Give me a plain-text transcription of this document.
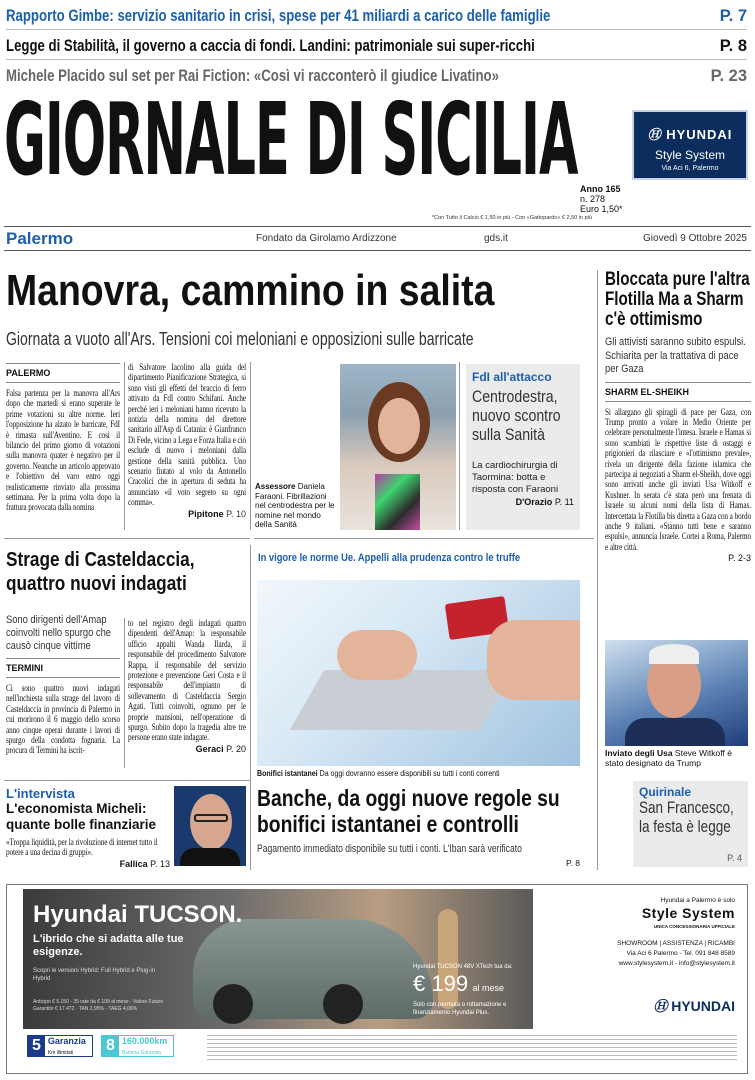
Rapporto Gimbe: servizio sanitario in crisi, spese per 41 miliardi a carico delle famiglie	P. 7
Legge di Stabilità, il governo a caccia di fondi. Landini: patrimoniale sui super-ricchi	P. 8
Michele Placido sul set per Rai Fiction: «Così vi racconterò il giudice Livatino»	P. 23
GIORNALE DI SICILIA	Ⓗ HYUNDAI
Style System
Via Aci 6, Palermo
Anno 165
n. 278
Euro 1,50*
*Con Tutto il Calcio € 1,50 in più - Con «Gattopardo» € 2,50 in più
Palermo	Fondato da Girolamo Ardizzone	gds.it	Giovedì 9 Ottobre 2025
Manovra, cammino in salita
Giornata a vuoto all'Ars. Tensioni coi meloniani e opposizioni sulle barricate
PALERMO
Falsa partenza per la manovra all'Ars dopo che martedì si erano superate le prime votazioni su altre norme. Ieri l'opposizione ha alzato le barricate, FdI è rimasta sull'Aventino. E così il bilancio del primo giorno di votazioni sulla manovra quater è negativo per il governo. Neanche un articolo approvato e l'obiettivo del varo entro oggi realisticamente rinviato alla prossima settimana. Per la prima volta dopo la frattura provocata dalla nomina
di Salvatore Iacolino alla guida del dipartimento Pianificazione Strategica, si sono visti gli effetti del braccio di ferro attivato da FdI contro Schifani. Anche perché ieri i meloniani hanno ricevuto la notizia della nomina del direttore sanitario all'Asp di Catania: è Gianfranco Di Fede, vicino a Lega e Forza Italia e ciò esclude di nuovo i meloniani dalla gestione della sanità pubblica. Uno scenario fiutato al volo da Antonello Cracolici che in apertura di seduta ha annunciato «il voto segreto su ogni comma».
Pipitone P. 10
Assessore Daniela Faraoni. Fibrillazioni nel centrodestra per le nomine nel mondo della Sanità
FdI all'attacco
Centrodestra, nuovo scontro sulla Sanità
La cardiochirurgia di Taormina: botta e risposta con Faraoni
D'Orazio P. 11
Bloccata pure l'altra Flotilla Ma a Sharm c'è ottimismo
Gli attivisti saranno subito espulsi. Schiarita per la trattativa di pace per Gaza
SHARM EL-SHEIKH
Si allargano gli spiragli di pace per Gaza, con Trump pronto a volare in Medio Oriente per celebrare personalmente l'intesa. Israele e Hamas si sono scambiati le rispettive liste di ostaggi e prigionieri da rilasciare e «l'ottimismo prevale», rivela un dirigente della fazione islamica che partecipa ai negoziati a Sharm el-Sheikh, dove oggi sono arrivati anche gli inviati Usa Witkoff e Kushner. In serata c'è stata però una frenata di Israele su alcuni nomi della lista di Hamas. Intercettata la Flotilla bis diretta a Gaza con a bordo anche 9 italiani. «Stanno tutti bene e saranno espulsi», annuncia Israele. Cortei a Roma, Palermo e altre città.
P. 2-3
Inviato degli Usa Steve Witkoff è stato designato da Trump
Quirinale
San Francesco, la festa è legge
P. 4
Strage di Casteldaccia, quattro nuovi indagati
Sono dirigenti dell'Amap coinvolti nello spurgo che causò cinque vittime
TERMINI
Ci sono quattro nuovi indagati nell'inchiesta sulla strage del lavoro di Casteldaccia in provincia di Palermo in cui morirono il 6 maggio dello scorso anno cinque operai durante i lavori di spurgo della condotta fognaria. La procura di Termini ha iscrit-
to nel registro degli indagati quattro dipendenti dell'Amap: la responsabile ufficio appalti Wanda Ilarda, il responsabile del procedimento Salvatore Rappa, il responsabile del servizio protezione e prevenzione Geri Costa e il responsabile dell'impianto di sollevamento di Casteldaccia Sergio Agati. Tutti coinvolti, ognuno per le proprie mansioni, nell'operazione di spurgo. Subito dopo la tragedia altre tre persone erano state indagate.
Geraci P. 20
In vigore le norme Ue. Appelli alla prudenza contro le truffe
Bonifici istantanei Da oggi dovranno essere disponibili su tutti i conti correnti
Banche, da oggi nuove regole su bonifici istantanei e controlli
Pagamento immediato disponibile su tutti i conti. L'Iban sarà verificato
P. 8
L'intervista
L'economista Micheli: quante bolle finanziarie
«Troppa liquidità, per la rivoluzione di internet tutto il potere a una decina di gruppi».
Fallica P. 13
Hyundai TUCSON.
L'ibrido che si adatta alle tue esigenze.
Scopri le versioni Hybrid: Full Hybrid e Plug-in Hybrid
Anticipo € 5.150 - 35 rate da € 199 al mese · Valore Futuro Garantito € 17.472 · TAN 2,95% - TAEG 4,06%
Hyundai TUCSON 48V XTech tua da:
€ 199 al mese
Solo con permuta o rottamazione e finanziamento Hyundai Plus.
5 Garanzia
Km illimitati	8 160.000km
Batteria Garantita
Hyundai a Palermo è solo
Style System
UNICA CONCESSIONARIA UFFICIALE
SHOWROOM | ASSISTENZA | RICAMBI
Via Aci 6 Palermo - Tel. 091 848 8589
www.stylesystem.it - info@stylesystem.it
Ⓗ HYUNDAI
